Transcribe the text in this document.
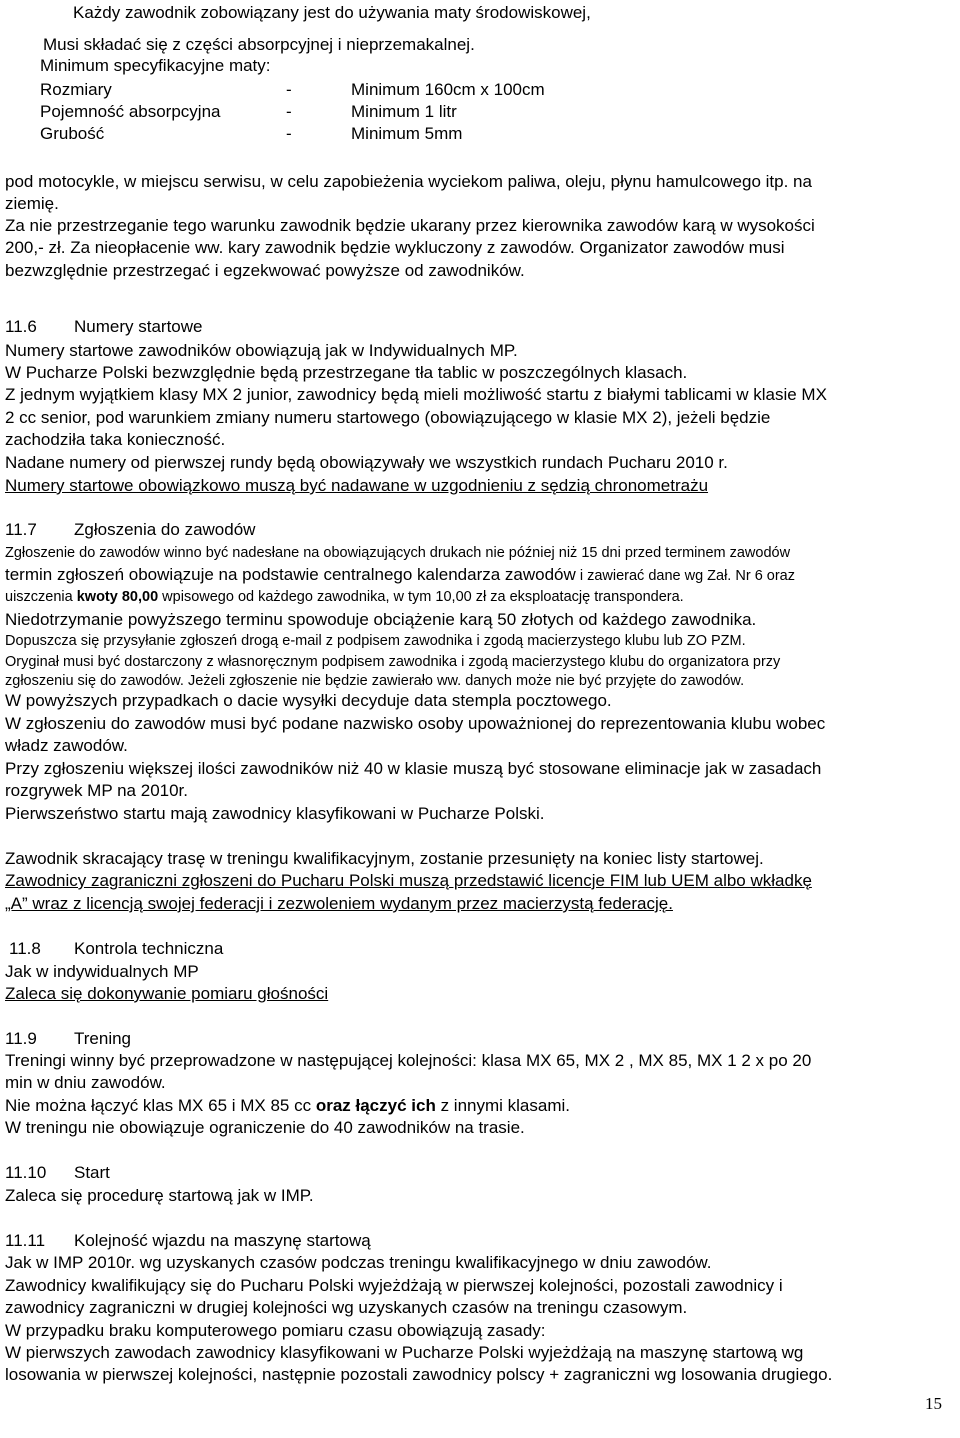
Każdy zawodnik zobowiązany jest do używania maty środowiskowej,

Musi składać się z części absorpcyjnej i nieprzemakalnej.

Minimum specyfikacyjne maty:

Rozmiary	-	Minimum 160cm x 100cm
Pojemność absorpcyjna	-	Minimum 1 litr
Grubość	-	Minimum 5mm

pod motocykle, w miejscu serwisu, w celu zapobieżenia wyciekom paliwa, oleju, płynu hamulcowego itp. na

ziemię.

Za nie przestrzeganie tego warunku zawodnik będzie ukarany przez kierownika zawodów karą w wysokości

200,- zł. Za nieopłacenie ww. kary zawodnik będzie wykluczony z zawodów. Organizator zawodów musi

bezwzględnie przestrzegać i egzekwować powyższe od zawodników.

11.6 Numery startowe

Numery startowe zawodników obowiązują jak w Indywidualnych MP.

W Pucharze Polski bezwzględnie będą przestrzegane tła tablic w poszczególnych klasach.

Z jednym wyjątkiem klasy MX 2 junior, zawodnicy będą mieli możliwość startu z białymi tablicami w klasie MX

2 cc senior, pod warunkiem zmiany numeru startowego (obowiązującego w klasie MX 2), jeżeli będzie

zachodziła taka konieczność.

Nadane numery od pierwszej rundy będą obowiązywały we wszystkich rundach Pucharu 2010 r.

Numery startowe obowiązkowo muszą być nadawane w uzgodnieniu z sędzią chronometrażu

11.7 Zgłoszenia do zawodów

Zgłoszenie do zawodów winno być nadesłane na obowiązujących drukach nie później niż 15 dni przed terminem zawodów

termin zgłoszeń obowiązuje na podstawie centralnego kalendarza zawodów i zawierać dane wg Zał. Nr 6 oraz

uiszczenia kwoty 80,00 wpisowego od każdego zawodnika, w tym 10,00 zł za eksploatację transpondera.

Niedotrzymanie powyższego terminu spowoduje obciążenie karą 50 złotych od każdego zawodnika.

Dopuszcza się przysyłanie zgłoszeń drogą e-mail z podpisem zawodnika i zgodą macierzystego klubu lub ZO PZM.

Oryginał musi być dostarczony z własnoręcznym podpisem zawodnika i zgodą macierzystego klubu do organizatora przy

zgłoszeniu się do zawodów. Jeżeli zgłoszenie nie będzie zawierało ww. danych może nie być przyjęte do zawodów.

W powyższych przypadkach o dacie wysyłki decyduje data stempla pocztowego.

W zgłoszeniu do zawodów musi być podane nazwisko osoby upoważnionej do reprezentowania klubu wobec

władz zawodów.

Przy zgłoszeniu większej ilości zawodników niż 40 w klasie muszą być stosowane eliminacje jak w zasadach

rozgrywek MP na 2010r.

Pierwszeństwo startu mają zawodnicy klasyfikowani w Pucharze Polski.

Zawodnik skracający trasę w treningu kwalifikacyjnym, zostanie przesunięty na koniec listy startowej.

Zawodnicy zagraniczni zgłoszeni do Pucharu Polski muszą przedstawić licencje FIM lub UEM albo wkładkę

„A” wraz z licencją swojej federacji i zezwoleniem wydanym przez macierzystą federację.

11.8 Kontrola techniczna

Jak w indywidualnych MP

Zaleca się dokonywanie pomiaru głośności

11.9 Trening

Treningi winny być przeprowadzone w następującej kolejności: klasa MX 65, MX 2 , MX 85, MX 1 2 x po 20

min w dniu zawodów.

Nie można łączyć klas MX 65 i MX 85 cc oraz łączyć ich z innymi klasami.

W treningu nie obowiązuje ograniczenie do 40 zawodników na trasie.

11.10 Start

Zaleca się procedurę startową jak w IMP.

11.11 Kolejność wjazdu na maszynę startową

Jak w IMP 2010r. wg uzyskanych czasów podczas treningu kwalifikacyjnego w dniu zawodów.

Zawodnicy kwalifikujący się do Pucharu Polski wyjeżdżają w pierwszej kolejności, pozostali zawodnicy i

zawodnicy zagraniczni w drugiej kolejności wg uzyskanych czasów na treningu czasowym.

W przypadku braku komputerowego pomiaru czasu obowiązują zasady:

W pierwszych zawodach zawodnicy klasyfikowani w Pucharze Polski wyjeżdżają na maszynę startową wg

losowania w pierwszej kolejności, następnie pozostali zawodnicy polscy + zagraniczni wg losowania drugiego.

15
